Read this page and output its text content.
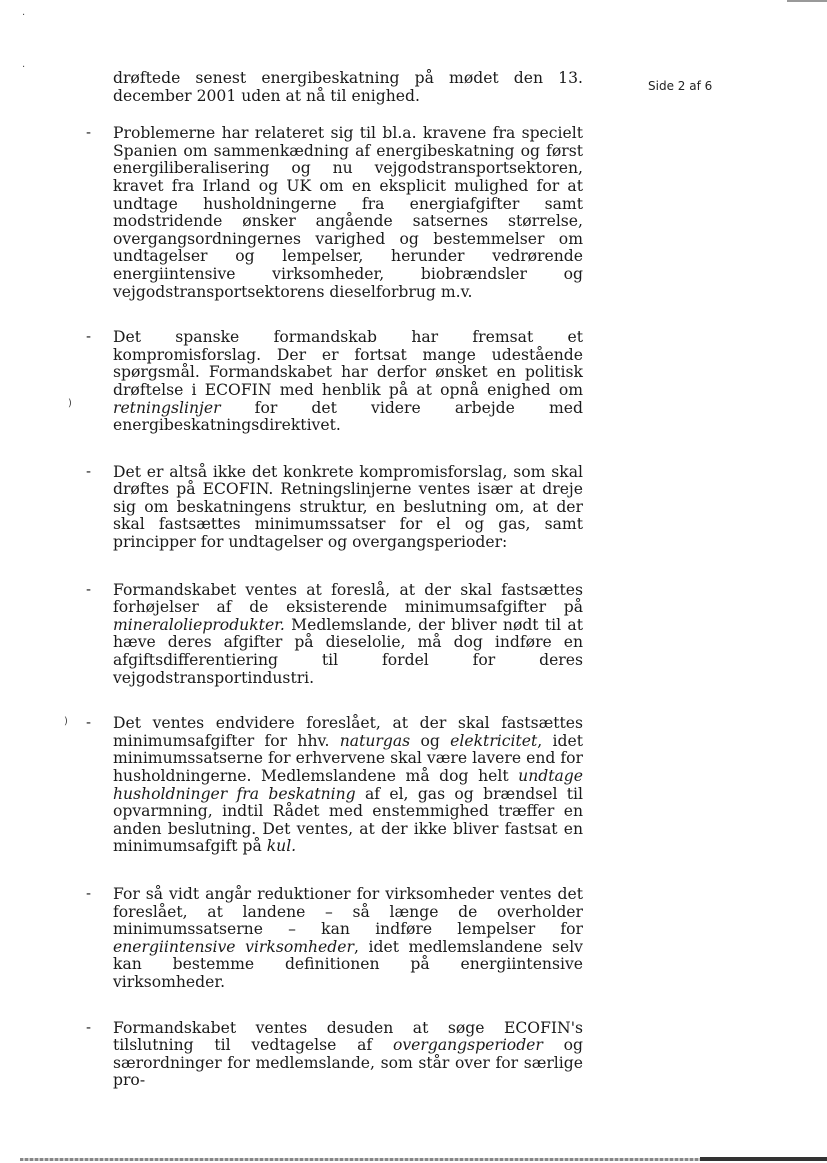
·
·
)
)
Side 2 af 6

drøftede senest energibeskatning på mødet den 13. december 2001 uden at nå til enighed.

- Problemerne har relateret sig til bl.a. kravene fra specielt Spanien om sammenkædning af energibeskatning og først energiliberalisering og nu vejgodstransportsektoren, kravet fra Irland og UK om en eksplicit mulighed for at undtage husholdningerne fra energiafgifter samt modstridende ønsker angående satsernes størrelse, overgangsordningernes varighed og bestemmelser om undtagelser og lempelser, herunder vedrørende energiintensive virksomheder, biobrændsler og vejgodstransportsektorens dieselforbrug m.v.

- Det spanske formandskab har fremsat et kompromisforslag. Der er fortsat mange udestående spørgsmål. Formandskabet har derfor ønsket en politisk drøftelse i ECOFIN med henblik på at opnå enighed om retningslinjer for det videre arbejde med energibeskatningsdirektivet.

- Det er altså ikke det konkrete kompromisforslag, som skal drøftes på ECOFIN. Retningslinjerne ventes især at dreje sig om beskatningens struktur, en beslutning om, at der skal fastsættes minimumssatser for el og gas, samt principper for undtagelser og overgangsperioder:

- Formandskabet ventes at foreslå, at der skal fastsættes forhøjelser af de eksisterende minimumsafgifter på mineralolieprodukter. Medlemslande, der bliver nødt til at hæve deres afgifter på dieselolie, må dog indføre en afgiftsdifferentiering til fordel for deres vejgodstransportindustri.

- Det ventes endvidere foreslået, at der skal fastsættes minimumsafgifter for hhv. naturgas og elektricitet, idet minimumssatserne for erhvervene skal være lavere end for husholdningerne. Medlemslandene må dog helt undtage husholdninger fra beskatning af el, gas og brændsel til opvarmning, indtil Rådet med enstemmighed træffer en anden beslutning. Det ventes, at der ikke bliver fastsat en minimumsafgift på kul.

- For så vidt angår reduktioner for virksomheder ventes det foreslået, at landene – så længe de overholder minimumssatserne – kan indføre lempelser for energiintensive virksomheder, idet medlemslandene selv kan bestemme definitionen på energiintensive virksomheder.

- Formandskabet ventes desuden at søge ECOFIN's tilslutning til vedtagelse af overgangsperioder og særordninger for medlemslande, som står over for særlige pro-
